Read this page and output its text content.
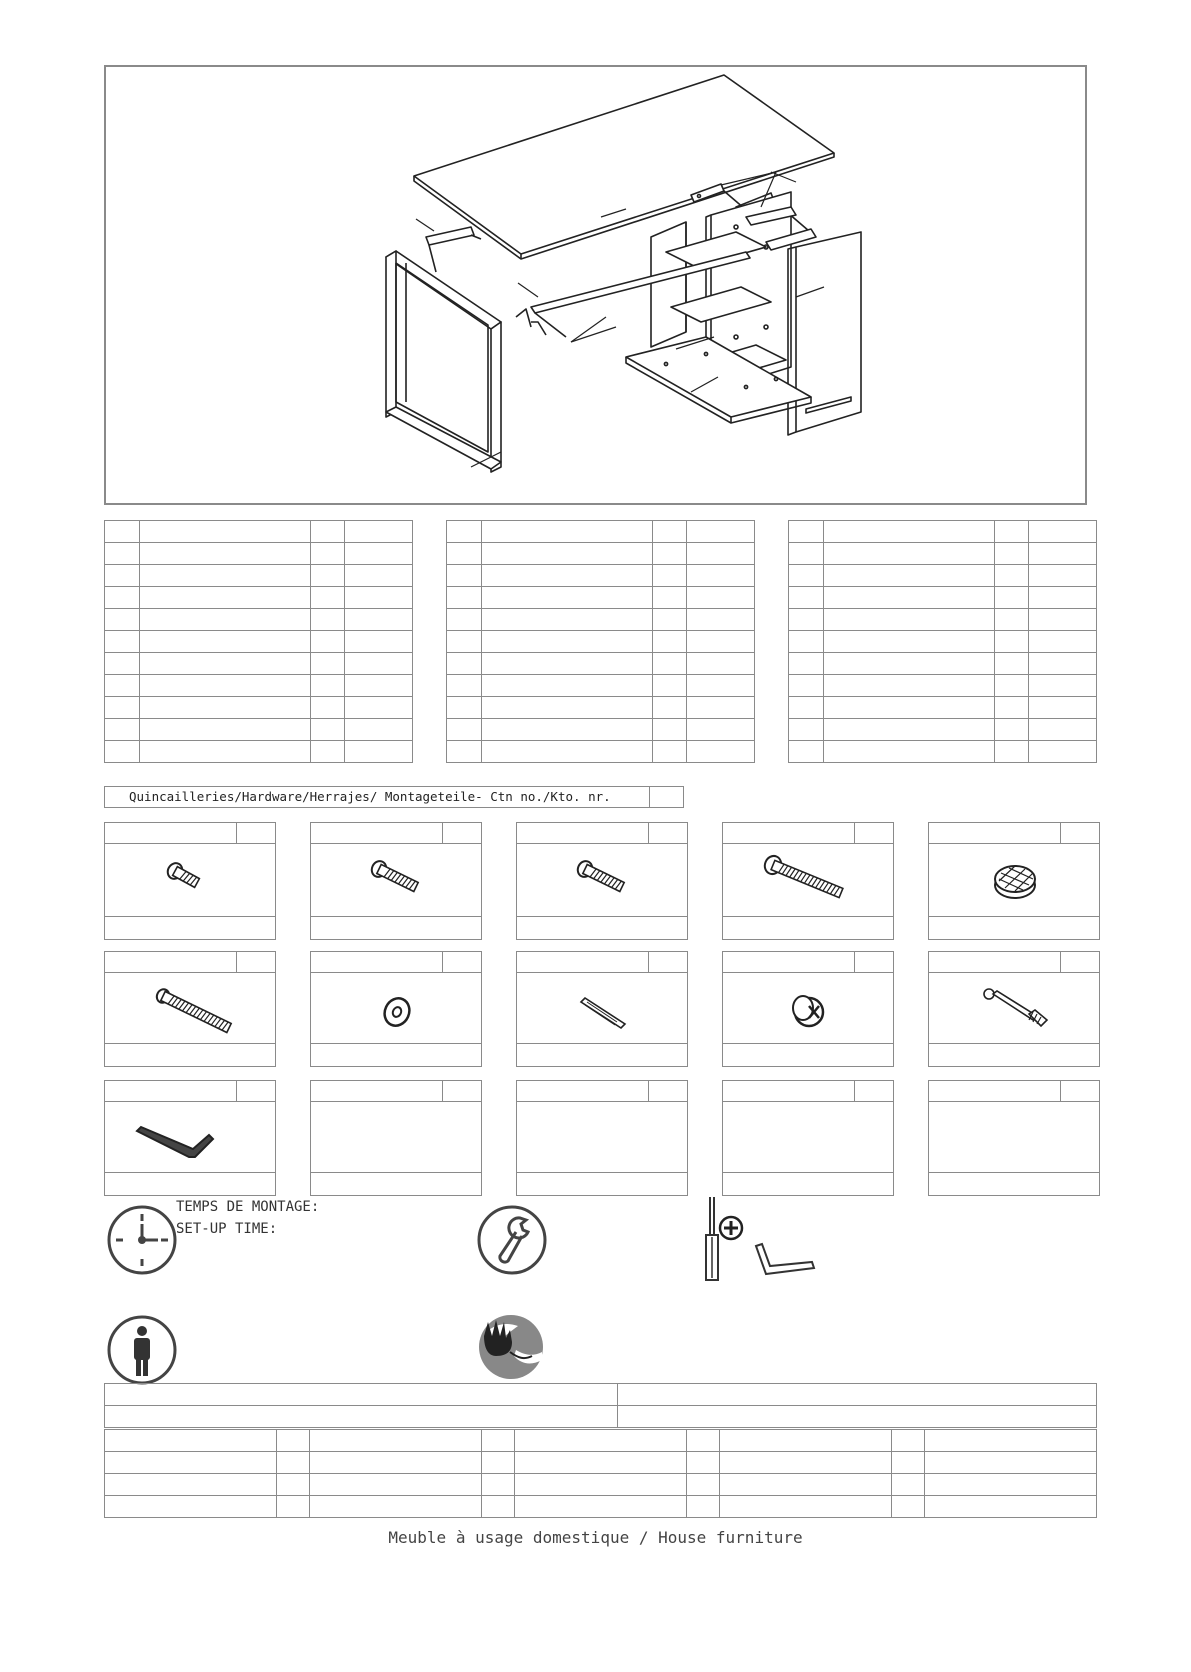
Quincailleries/Hardware/Herrajes/ Montageteile- Ctn no./Kto. nr.
TEMPS DE MONTAGE:
SET-UP TIME:

Meuble à usage domestique / House furniture
